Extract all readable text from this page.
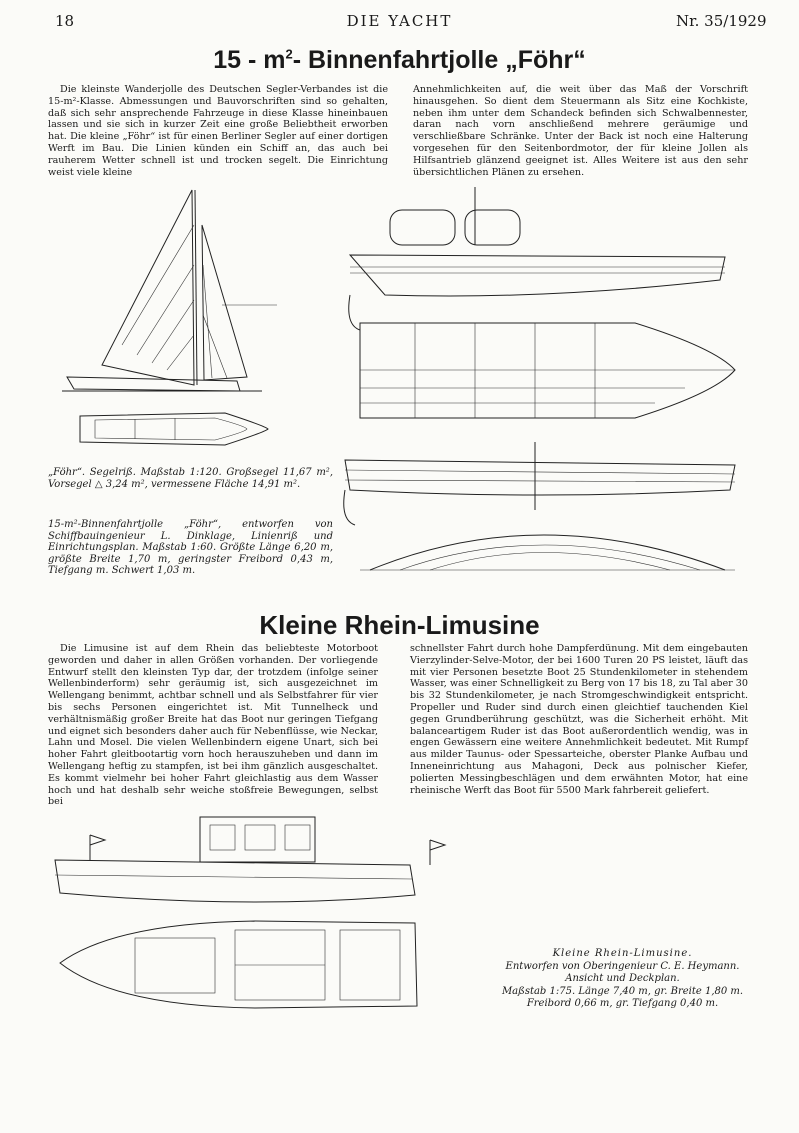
18	DIE YACHT	Nr. 35/1929
$15 - m^2-$ Binnenfahrtjolle „Föhr“

Die kleinste Wanderjolle des Deutschen Segler-Verbandes ist die 15-m²-Klasse. Abmessungen und Bauvorschriften sind so gehalten, daß sich sehr ansprechende Fahrzeuge in diese Klasse hineinbauen lassen und sie sich in kurzer Zeit eine große Beliebtheit erworben hat. Die kleine „Föhr“ ist für einen Berliner Segler auf einer dortigen Werft im Bau. Die Linien künden ein Schiff an, das auch bei rauherem Wetter schnell ist und trocken segelt. Die Einrichtung weist viele kleine

Annehmlichkeiten auf, die weit über das Maß der Vorschrift hinausgehen. So dient dem Steuermann als Sitz eine Kochkiste, neben ihm unter dem Schandeck befinden sich Schwalbennester, daran nach vorn anschließend mehrere geräumige und verschließbare Schränke. Unter der Back ist noch eine Halterung vorgesehen für den Seitenbordmotor, der für kleine Jollen als Hilfsantrieb glänzend geeignet ist. Alles Weitere ist aus den sehr übersichtlichen Plänen zu ersehen.

„Föhr“. Segelriß. Maßstab 1:120. Großsegel 11,67 m², Vorsegel △ 3,24 m², vermessene Fläche 14,91 m².
15-m²-Binnenfahrtjolle „Föhr“, entworfen von Schiffbauingenieur L. Dinklage, Linienriß und Einrichtungsplan. Maßstab 1:60. Größte Länge 6,20 m, größte Breite 1,70 m, geringster Freibord 0,43 m, Tiefgang m. Schwert 1,03 m.
Kleine Rhein-Limusine

Die Limusine ist auf dem Rhein das beliebteste Motorboot geworden und daher in allen Größen vorhanden. Der vorliegende Entwurf stellt den kleinsten Typ dar, der trotzdem (infolge seiner Wellenbinderform) sehr geräumig ist, sich ausgezeichnet im Wellengang benimmt, achtbar schnell und als Selbstfahrer für vier bis sechs Personen eingerichtet ist. Mit Tunnelheck und verhältnismäßig großer Breite hat das Boot nur geringen Tiefgang und eignet sich besonders daher auch für Nebenflüsse, wie Neckar, Lahn und Mosel. Die vielen Wellenbindern eigene Unart, sich bei hoher Fahrt gleitbootartig vorn hoch herauszuheben und dann im Wellengang heftig zu stampfen, ist bei ihm gänzlich ausgeschaltet. Es kommt vielmehr bei hoher Fahrt gleichlastig aus dem Wasser hoch und hat deshalb sehr weiche stoßfreie Bewegungen, selbst bei

schnellster Fahrt durch hohe Dampferdünung. Mit dem eingebauten Vierzylinder-Selve-Motor, der bei 1600 Turen 20 PS leistet, läuft das mit vier Personen besetzte Boot 25 Stundenkilometer in stehendem Wasser, was einer Schnelligkeit zu Berg von 17 bis 18, zu Tal aber 30 bis 32 Stundenkilometer, je nach Stromgeschwindigkeit entspricht. Propeller und Ruder sind durch einen gleichtief tauchenden Kiel gegen Grundberührung geschützt, was die Sicherheit erhöht. Mit balanceartigem Ruder ist das Boot außerordentlich wendig, was in engen Gewässern eine weitere Annehmlichkeit bedeutet. Mit Rumpf aus milder Taunus- oder Spessarteiche, oberster Planke Aufbau und Inneneinrichtung aus Mahagoni, Deck aus polnischer Kiefer, polierten Messingbeschlägen und dem erwähnten Motor, hat eine rheinische Werft das Boot für 5500 Mark fahrbereit geliefert.

Kleine Rhein-Limusine.
Entworfen von Oberingenieur C. E. Heymann.
Ansicht und Deckplan.
Maßstab 1:75. Länge 7,40 m, gr. Breite 1,80 m.
Freibord 0,66 m, gr. Tiefgang 0,40 m.
